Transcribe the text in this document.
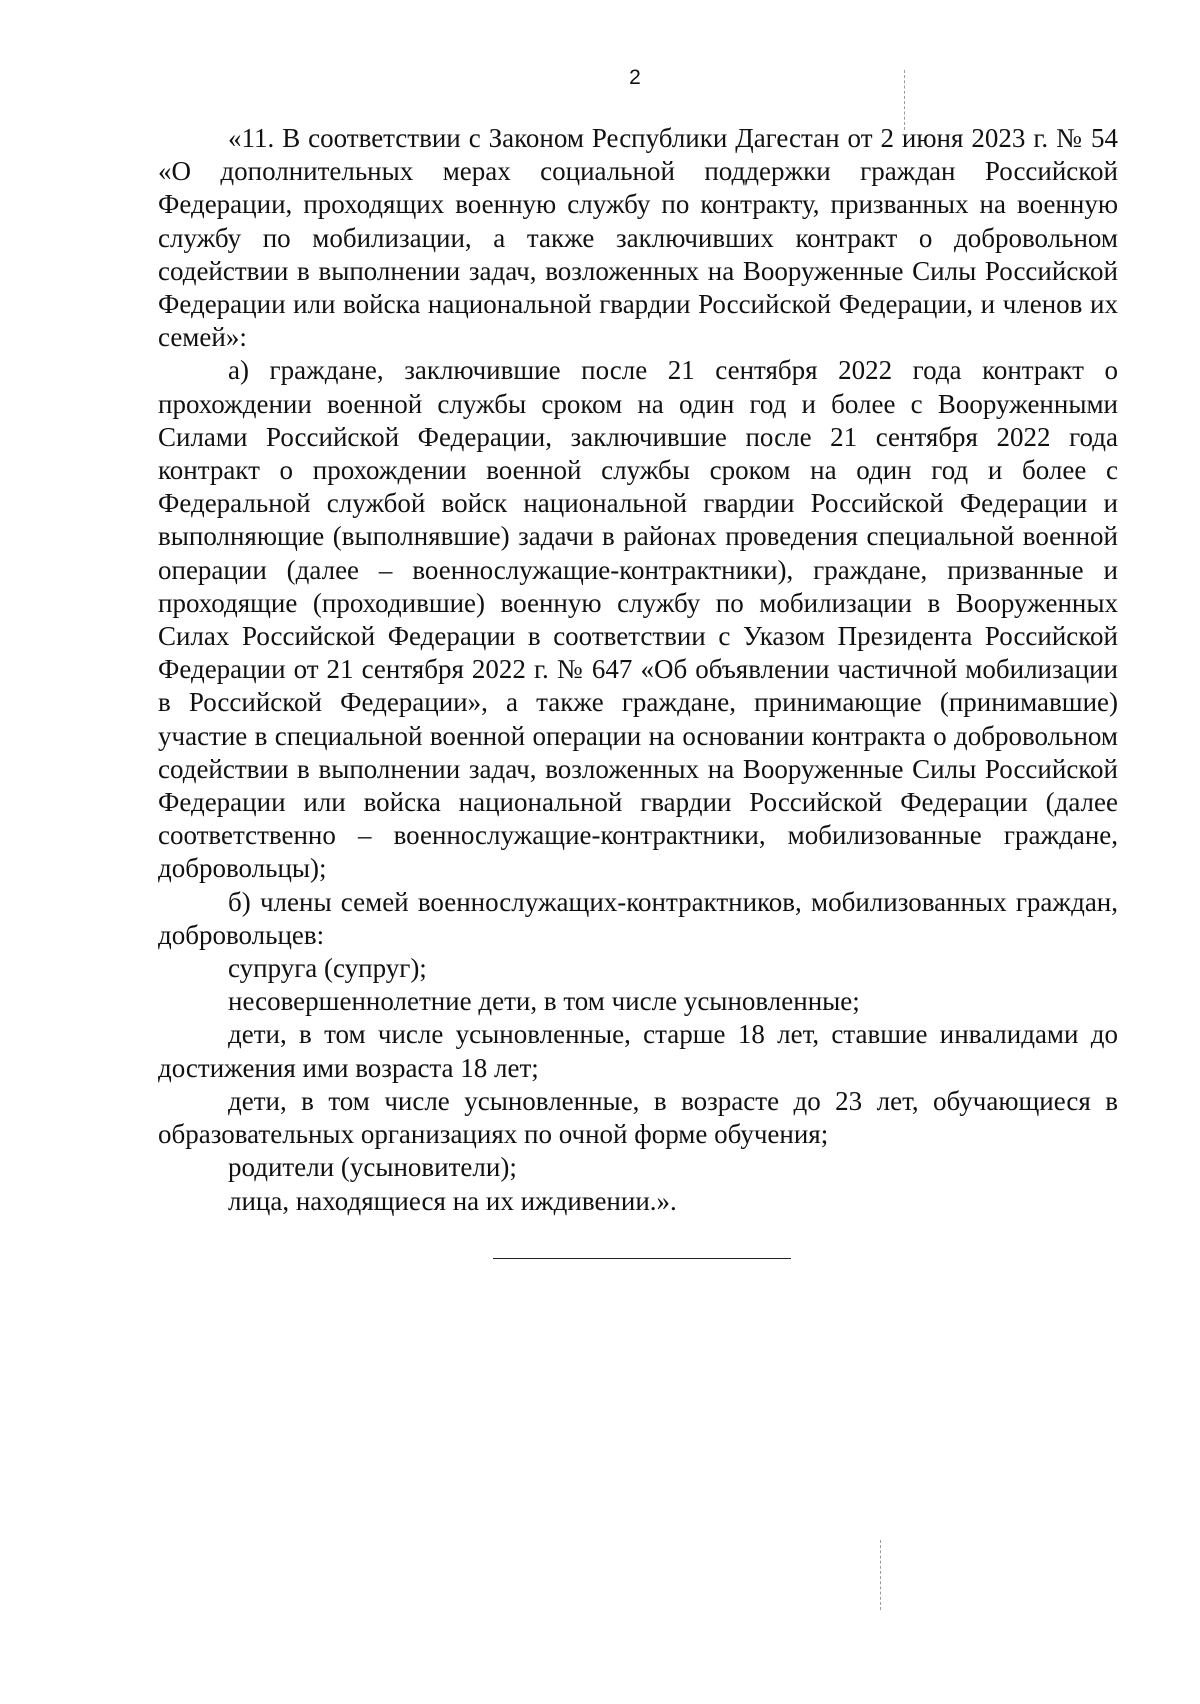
2

«11. В соответствии с Законом Республики Дагестан от 2 июня 2023 г. № 54 «О дополнительных мерах социальной поддержки граждан Российской Федерации, проходящих военную службу по контракту, призванных на военную службу по мобилизации, а также заключивших контракт о добровольном содействии в выполнении задач, возложенных на Вооруженные Силы Российской Федерации или войска национальной гвардии Российской Федерации, и членов их семей»:

а) граждане, заключившие после 21 сентября 2022 года контракт о прохождении военной службы сроком на один год и более с Вооруженными Силами Российской Федерации, заключившие после 21 сентября 2022 года контракт о прохождении военной службы сроком на один год и более с Федеральной службой войск национальной гвардии Российской Федерации и выполняющие (выполнявшие) задачи в районах проведения специальной военной операции (далее – военнослужащие-контрактники), граждане, призванные и проходящие (проходившие) военную службу по мобилизации в Вооруженных Силах Российской Федерации в соответствии с Указом Президента Российской Федерации от 21 сентября 2022 г. № 647 «Об объявлении частичной мобилизации в Российской Федерации», а также граждане, принимающие (принимавшие) участие в специальной военной операции на основании контракта о добровольном содействии в выполнении задач, возложенных на Вооруженные Силы Российской Федерации или войска национальной гвардии Российской Федерации (далее соответственно – военнослужащие-контрактники, мобилизованные граждане, добровольцы);

б) члены семей военнослужащих-контрактников, мобилизованных граждан, добровольцев:

супруга (супруг);

несовершеннолетние дети, в том числе усыновленные;

дети, в том числе усыновленные, старше 18 лет, ставшие инвалидами до достижения ими возраста 18 лет;

дети, в том числе усыновленные, в возрасте до 23 лет, обучающиеся в образовательных организациях по очной форме обучения;

родители (усыновители);

лица, находящиеся на их иждивении.».
